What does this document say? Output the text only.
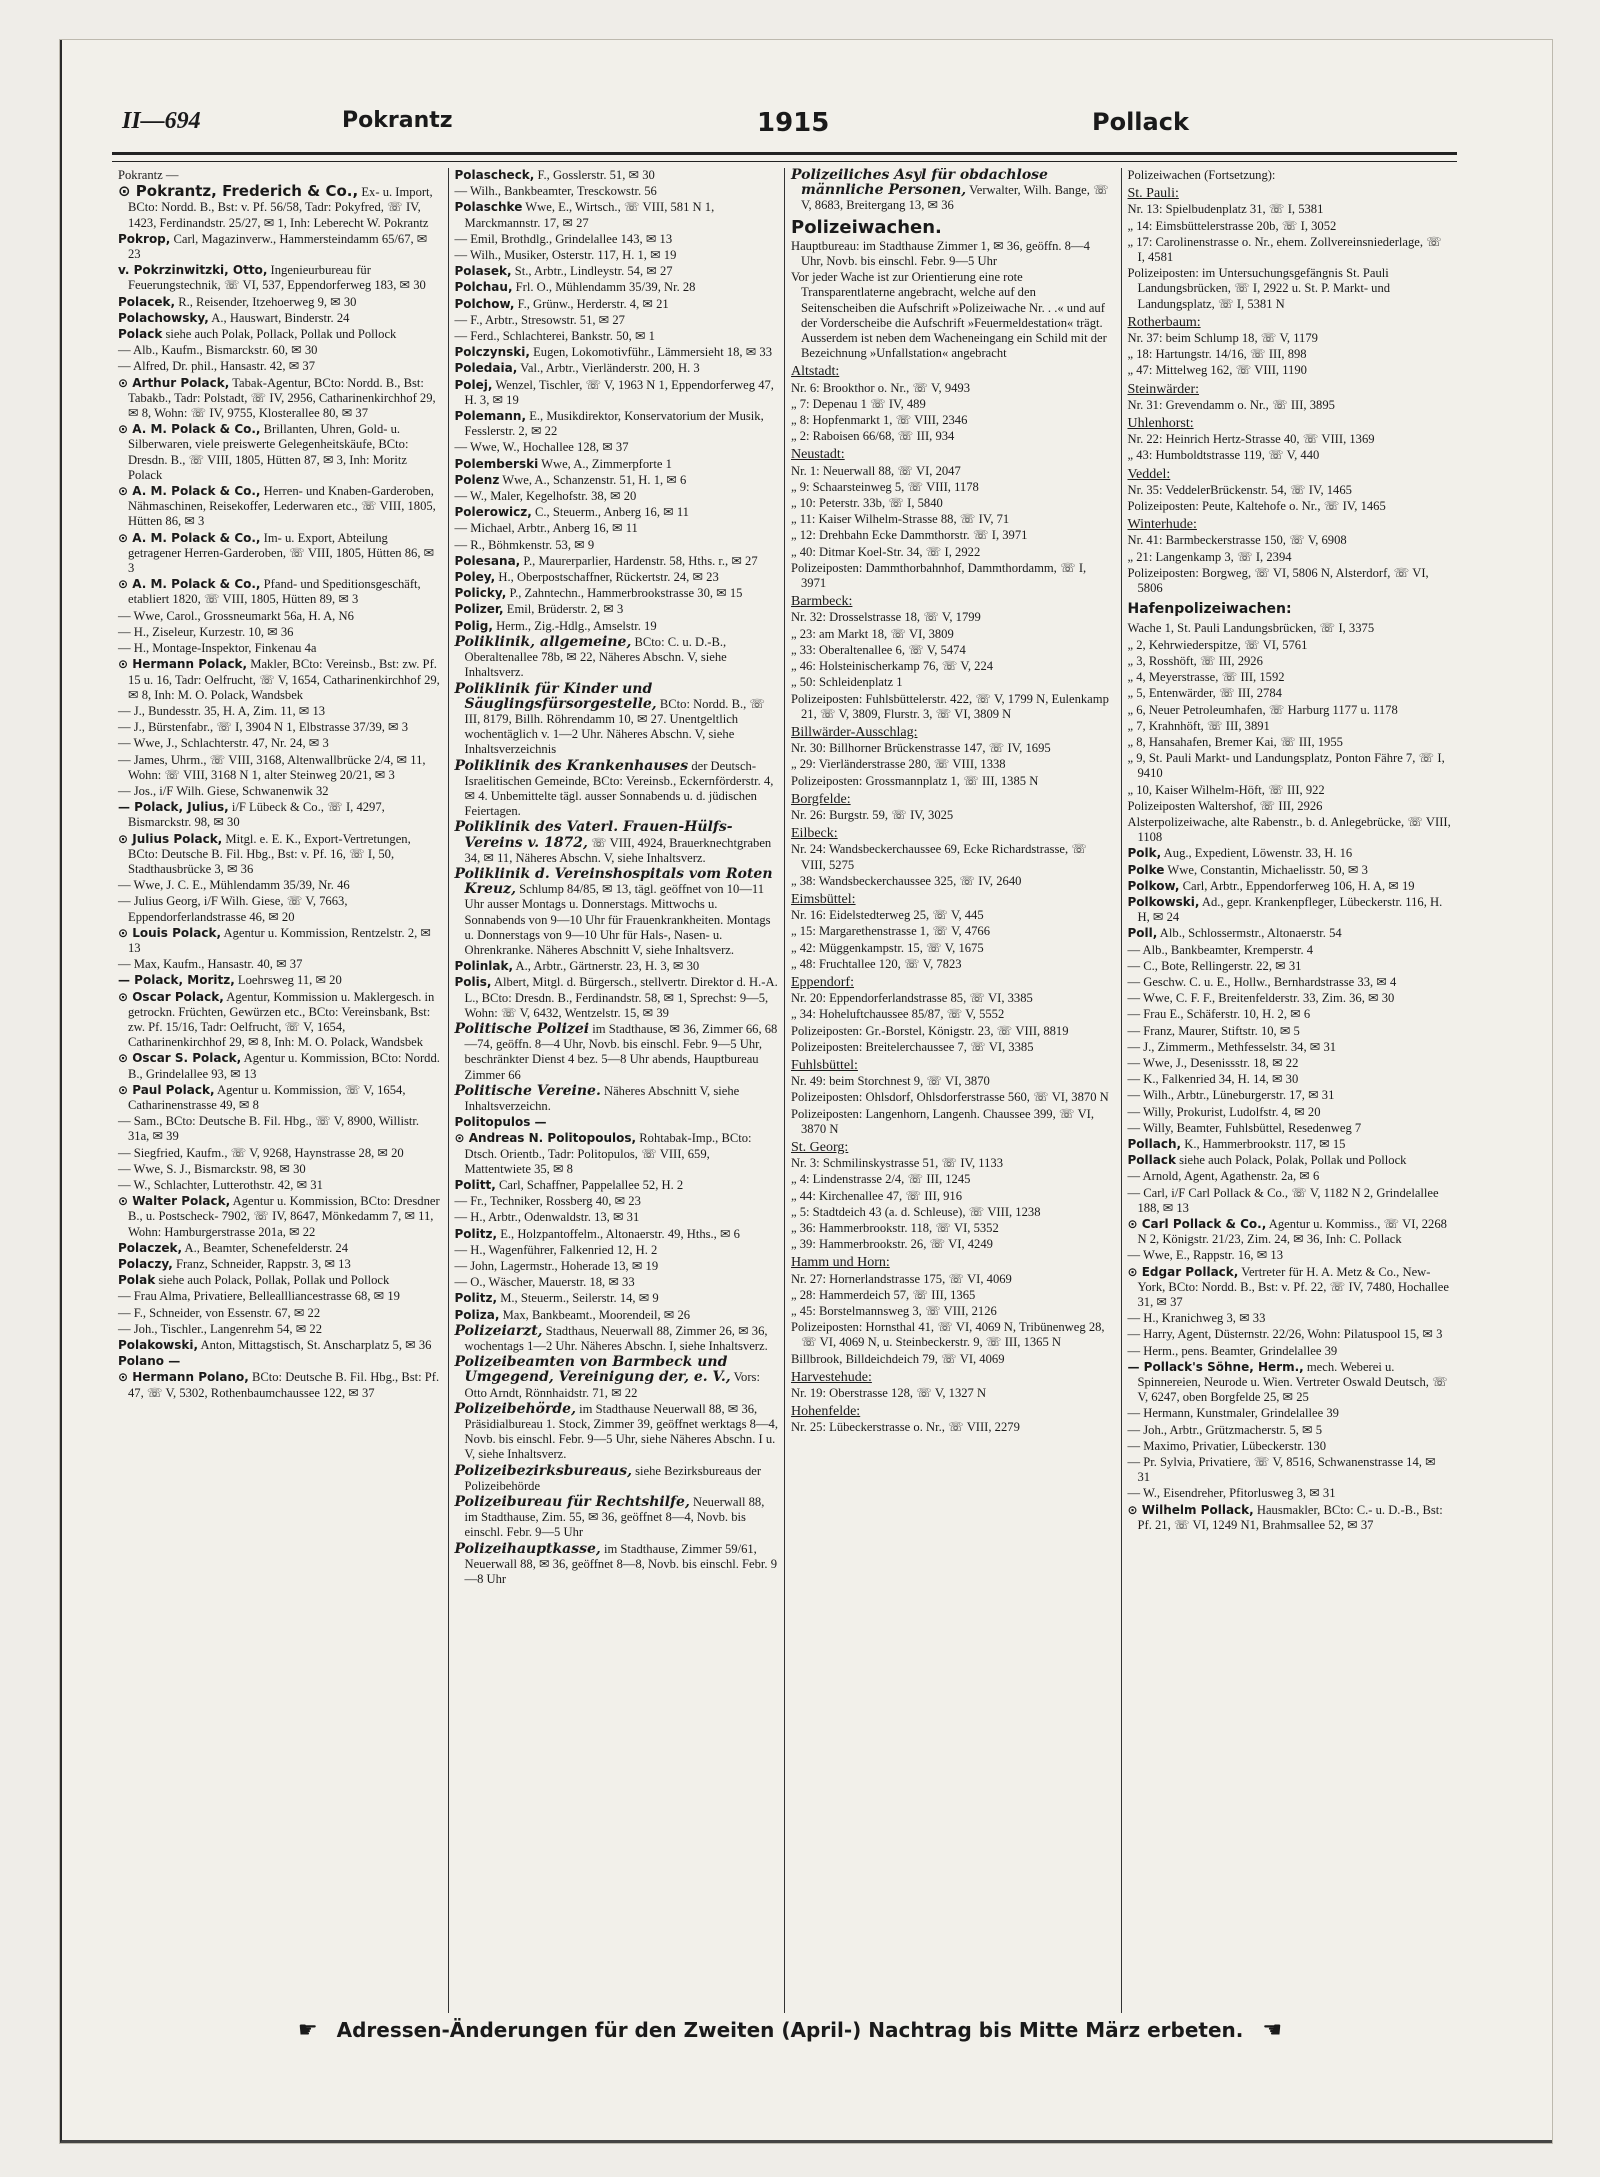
II—694	Pokrantz	1915	Pollack
Pokrantz —
⊙ Pokrantz, Frederich & Co., Ex- u. Import, BCto: Nordd. B., Bst: v. Pf. 56/58, Tadr: Pokyfred, ☏ IV, 1423, Ferdinandstr. 25/27, ✉ 1, Inh: Leberecht W. Pokrantz
Pokrop, Carl, Magazinverw., Hammersteindamm 65/67, ✉ 23
v. Pokrzinwitzki, Otto, Ingenieurbureau für Feuerungstechnik, ☏ VI, 537, Eppendorferweg 183, ✉ 30
Polacek, R., Reisender, Itzehoerweg 9, ✉ 30
Polachowsky, A., Hauswart, Binderstr. 24
Polack siehe auch Polak, Pollack, Pollak und Pollock
— Alb., Kaufm., Bismarckstr. 60, ✉ 30
— Alfred, Dr. phil., Hansastr. 42, ✉ 37
⊙ Arthur Polack, Tabak-Agentur, BCto: Nordd. B., Bst: Tabakb., Tadr: Polstadt, ☏ IV, 2956, Catharinenkirchhof 29, ✉ 8, Wohn: ☏ IV, 9755, Klosterallee 80, ✉ 37
⊙ A. M. Polack & Co., Brillanten, Uhren, Gold- u. Silberwaren, viele preiswerte Gelegenheitskäufe, BCto: Dresdn. B., ☏ VIII, 1805, Hütten 87, ✉ 3, Inh: Moritz Polack
⊙ A. M. Polack & Co., Herren- und Knaben-Garderoben, Nähmaschinen, Reisekoffer, Lederwaren etc., ☏ VIII, 1805, Hütten 86, ✉ 3
⊙ A. M. Polack & Co., Im- u. Export, Abteilung getragener Herren-Garderoben, ☏ VIII, 1805, Hütten 86, ✉ 3
⊙ A. M. Polack & Co., Pfand- und Speditionsgeschäft, etabliert 1820, ☏ VIII, 1805, Hütten 89, ✉ 3
— Wwe, Carol., Grossneumarkt 56a, H. A, N6
— H., Ziseleur, Kurzestr. 10, ✉ 36
— H., Montage-Inspektor, Finkenau 4a
⊙ Hermann Polack, Makler, BCto: Vereinsb., Bst: zw. Pf. 15 u. 16, Tadr: Oelfrucht, ☏ V, 1654, Catharinenkirchhof 29, ✉ 8, Inh: M. O. Polack, Wandsbek
— J., Bundesstr. 35, H. A, Zim. 11, ✉ 13
— J., Bürstenfabr., ☏ I, 3904 N 1, Elbstrasse 37/39, ✉ 3
— Wwe, J., Schlachterstr. 47, Nr. 24, ✉ 3
— James, Uhrm., ☏ VIII, 3168, Altenwallbrücke 2/4, ✉ 11, Wohn: ☏ VIII, 3168 N 1, alter Steinweg 20/21, ✉ 3
— Jos., i/F Wilh. Giese, Schwanenwik 32
— Polack, Julius, i/F Lübeck & Co., ☏ I, 4297, Bismarckstr. 98, ✉ 30
⊙ Julius Polack, Mitgl. e. E. K., Export-Vertretungen, BCto: Deutsche B. Fil. Hbg., Bst: v. Pf. 16, ☏ I, 50, Stadthausbrücke 3, ✉ 36
— Wwe, J. C. E., Mühlendamm 35/39, Nr. 46
— Julius Georg, i/F Wilh. Giese, ☏ V, 7663, Eppendorferlandstrasse 46, ✉ 20
⊙ Louis Polack, Agentur u. Kommission, Rentzelstr. 2, ✉ 13
— Max, Kaufm., Hansastr. 40, ✉ 37
— Polack, Moritz, Loehrsweg 11, ✉ 20
⊙ Oscar Polack, Agentur, Kommission u. Maklergesch. in getrockn. Früchten, Gewürzen etc., BCto: Vereinsbank, Bst: zw. Pf. 15/16, Tadr: Oelfrucht, ☏ V, 1654, Catharinenkirchhof 29, ✉ 8, Inh: M. O. Polack, Wandsbek
⊙ Oscar S. Polack, Agentur u. Kommission, BCto: Nordd. B., Grindelallee 93, ✉ 13
⊙ Paul Polack, Agentur u. Kommission, ☏ V, 1654, Catharinenstrasse 49, ✉ 8
— Sam., BCto: Deutsche B. Fil. Hbg., ☏ V, 8900, Willistr. 31a, ✉ 39
— Siegfried, Kaufm., ☏ V, 9268, Haynstrasse 28, ✉ 20
— Wwe, S. J., Bismarckstr. 98, ✉ 30
— W., Schlachter, Lutterothstr. 42, ✉ 31
⊙ Walter Polack, Agentur u. Kommission, BCto: Dresdner B., u. Postscheck- 7902, ☏ IV, 8647, Mönkedamm 7, ✉ 11, Wohn: Hamburgerstrasse 201a, ✉ 22
Polaczek, A., Beamter, Schenefelderstr. 24
Polaczy, Franz, Schneider, Rappstr. 3, ✉ 13
Polak siehe auch Polack, Pollak, Pollak und Pollock
— Frau Alma, Privatiere, Belleallliancestrasse 68, ✉ 19
— F., Schneider, von Essenstr. 67, ✉ 22
— Joh., Tischler., Langenrehm 54, ✉ 22
Polakowski, Anton, Mittagstisch, St. Anscharplatz 5, ✉ 36
Polano —
⊙ Hermann Polano, BCto: Deutsche B. Fil. Hbg., Bst: Pf. 47, ☏ V, 5302, Rothenbaumchaussee 122, ✉ 37
Polascheck, F., Gosslerstr. 51, ✉ 30
— Wilh., Bankbeamter, Tresckowstr. 56
Polaschke Wwe, E., Wirtsch., ☏ VIII, 581 N 1, Marckmannstr. 17, ✉ 27
— Emil, Brothdlg., Grindelallee 143, ✉ 13
— Wilh., Musiker, Osterstr. 117, H. 1, ✉ 19
Polasek, St., Arbtr., Lindleystr. 54, ✉ 27
Polchau, Frl. O., Mühlendamm 35/39, Nr. 28
Polchow, F., Grünw., Herderstr. 4, ✉ 21
— F., Arbtr., Stresowstr. 51, ✉ 27
— Ferd., Schlachterei, Bankstr. 50, ✉ 1
Polczynski, Eugen, Lokomotivführ., Lämmersieht 18, ✉ 33
Poledaia, Val., Arbtr., Vierländerstr. 200, H. 3
Polej, Wenzel, Tischler, ☏ V, 1963 N 1, Eppendorferweg 47, H. 3, ✉ 19
Polemann, E., Musikdirektor, Konservatorium der Musik, Fesslerstr. 2, ✉ 22
— Wwe, W., Hochallee 128, ✉ 37
Polemberski Wwe, A., Zimmerpforte 1
Polenz Wwe, A., Schanzenstr. 51, H. 1, ✉ 6
— W., Maler, Kegelhofstr. 38, ✉ 20
Polerowicz, C., Steuerm., Anberg 16, ✉ 11
— Michael, Arbtr., Anberg 16, ✉ 11
— R., Böhmkenstr. 53, ✉ 9
Polesana, P., Maurerparlier, Hardenstr. 58, Hths. r., ✉ 27
Poley, H., Oberpostschaffner, Rückertstr. 24, ✉ 23
Policky, P., Zahntechn., Hammerbrookstrasse 30, ✉ 15
Polizer, Emil, Brüderstr. 2, ✉ 3
Polig, Herm., Zig.-Hdlg., Amselstr. 19
Poliklinik, allgemeine, BCto: C. u. D.-B., Oberaltenallee 78b, ✉ 22, Näheres Abschn. V, siehe Inhaltsverz.
Poliklinik für Kinder und Säuglingsfürsorgestelle, BCto: Nordd. B., ☏ III, 8179, Billh. Röhrendamm 10, ✉ 27. Unentgeltlich wochentäglich v. 1—2 Uhr. Näheres Abschn. V, siehe Inhaltsverzeichnis
Poliklinik des Krankenhauses der Deutsch-Israelitischen Gemeinde, BCto: Vereinsb., Eckernförderstr. 4, ✉ 4. Unbemittelte tägl. ausser Sonnabends u. d. jüdischen Feiertagen.
Poliklinik des Vaterl. Frauen-Hülfs-Vereins v. 1872, ☏ VIII, 4924, Brauerknechtgraben 34, ✉ 11, Näheres Abschn. V, siehe Inhaltsverz.
Poliklinik d. Vereinshospitals vom Roten Kreuz, Schlump 84/85, ✉ 13, tägl. geöffnet von 10—11 Uhr ausser Montags u. Donnerstags. Mittwochs u. Sonnabends von 9—10 Uhr für Frauenkrankheiten. Montags u. Donnerstags von 9—10 Uhr für Hals-, Nasen- u. Ohrenkranke. Näheres Abschnitt V, siehe Inhaltsverz.
Polinlak, A., Arbtr., Gärtnerstr. 23, H. 3, ✉ 30
Polis, Albert, Mitgl. d. Bürgersch., stellvertr. Direktor d. H.-A. L., BCto: Dresdn. B., Ferdinandstr. 58, ✉ 1, Sprechst: 9—5, Wohn: ☏ V, 6432, Wentzelstr. 15, ✉ 39
Politische Polizei im Stadthause, ✉ 36, Zimmer 66, 68—74, geöffn. 8—4 Uhr, Novb. bis einschl. Febr. 9—5 Uhr, beschränkter Dienst 4 bez. 5—8 Uhr abends, Hauptbureau Zimmer 66
Politische Vereine. Näheres Abschnitt V, siehe Inhaltsverzeichn.
Politopulos —
⊙ Andreas N. Politopoulos, Rohtabak-Imp., BCto: Dtsch. Orientb., Tadr: Politopulos, ☏ VIII, 659, Mattentwiete 35, ✉ 8
Politt, Carl, Schaffner, Pappelallee 52, H. 2
— Fr., Techniker, Rossberg 40, ✉ 23
— H., Arbtr., Odenwaldstr. 13, ✉ 31
Politz, E., Holzpantoffelm., Altonaerstr. 49, Hths., ✉ 6
— H., Wagenführer, Falkenried 12, H. 2
— John, Lagermstr., Hoherade 13, ✉ 19
— O., Wäscher, Mauerstr. 18, ✉ 33
Politz, M., Steuerm., Seilerstr. 14, ✉ 9
Poliza, Max, Bankbeamt., Moorendeil, ✉ 26
Polizeiarzt, Stadthaus, Neuerwall 88, Zimmer 26, ✉ 36, wochentags 1—2 Uhr. Näheres Abschn. I, siehe Inhaltsverz.
Polizeibeamten von Barmbeck und Umgegend, Vereinigung der, e. V., Vors: Otto Arndt, Rönnhaidstr. 71, ✉ 22
Polizeibehörde, im Stadthause Neuerwall 88, ✉ 36, Präsidialbureau 1. Stock, Zimmer 39, geöffnet werktags 8—4, Novb. bis einschl. Febr. 9—5 Uhr, siehe Näheres Abschn. I u. V, siehe Inhaltsverz.
Polizeibezirksbureaus, siehe Bezirksbureaus der Polizeibehörde
Polizeibureau für Rechtshilfe, Neuerwall 88, im Stadthause, Zim. 55, ✉ 36, geöffnet 8—4, Novb. bis einschl. Febr. 9—5 Uhr
Polizeihauptkasse, im Stadthause, Zimmer 59/61, Neuerwall 88, ✉ 36, geöffnet 8—8, Novb. bis einschl. Febr. 9—8 Uhr
Polizeiliches Asyl für obdachlose männliche Personen, Verwalter, Wilh. Bange, ☏ V, 8683, Breitergang 13, ✉ 36
Polizeiwachen.
Hauptbureau: im Stadthause Zimmer 1, ✉ 36, geöffn. 8—4 Uhr, Novb. bis einschl. Febr. 9—5 Uhr
Vor jeder Wache ist zur Orientierung eine rote Transparentlaterne angebracht, welche auf den Seitenscheiben die Aufschrift »Polizeiwache Nr. . .« und auf der Vorderscheibe die Aufschrift »Feuermeldestation« trägt. Ausserdem ist neben dem Wacheneingang ein Schild mit der Bezeichnung »Unfallstation« angebracht
Altstadt:
Nr. 6: Brookthor o. Nr., ☏ V, 9493
„ 7: Depenau 1 ☏ IV, 489
„ 8: Hopfenmarkt 1, ☏ VIII, 2346
„ 2: Raboisen 66/68, ☏ III, 934
Neustadt:
Nr. 1: Neuerwall 88, ☏ VI, 2047
„ 9: Schaarsteinweg 5, ☏ VIII, 1178
„ 10: Peterstr. 33b, ☏ I, 5840
„ 11: Kaiser Wilhelm-Strasse 88, ☏ IV, 71
„ 12: Drehbahn Ecke Dammthorstr. ☏ I, 3971
„ 40: Ditmar Koel-Str. 34, ☏ I, 2922
Polizeiposten: Dammthorbahnhof, Dammthordamm, ☏ I, 3971
Barmbeck:
Nr. 32: Drosselstrasse 18, ☏ V, 1799
„ 23: am Markt 18, ☏ VI, 3809
„ 33: Oberaltenallee 6, ☏ V, 5474
„ 46: Holsteinischerkamp 76, ☏ V, 224
„ 50: Schleidenplatz 1
Polizeiposten: Fuhlsbüttelerstr. 422, ☏ V, 1799 N, Eulenkamp 21, ☏ V, 3809, Flurstr. 3, ☏ VI, 3809 N
Billwärder-Ausschlag:
Nr. 30: Billhorner Brückenstrasse 147, ☏ IV, 1695
„ 29: Vierländerstrasse 280, ☏ VIII, 1338
Polizeiposten: Grossmannplatz 1, ☏ III, 1385 N
Borgfelde:
Nr. 26: Burgstr. 59, ☏ IV, 3025
Eilbeck:
Nr. 24: Wandsbeckerchaussee 69, Ecke Richardstrasse, ☏ VIII, 5275
„ 38: Wandsbeckerchaussee 325, ☏ IV, 2640
Eimsbüttel:
Nr. 16: Eidelstedterweg 25, ☏ V, 445
„ 15: Margarethenstrasse 1, ☏ V, 4766
„ 42: Müggenkampstr. 15, ☏ V, 1675
„ 48: Fruchtallee 120, ☏ V, 7823
Eppendorf:
Nr. 20: Eppendorferlandstrasse 85, ☏ VI, 3385
„ 34: Hoheluftchaussee 85/87, ☏ V, 5552
Polizeiposten: Gr.-Borstel, Königstr. 23, ☏ VIII, 8819
Polizeiposten: Breitelerchaussee 7, ☏ VI, 3385
Fuhlsbüttel:
Nr. 49: beim Storchnest 9, ☏ VI, 3870
Polizeiposten: Ohlsdorf, Ohlsdorferstrasse 560, ☏ VI, 3870 N
Polizeiposten: Langenhorn, Langenh. Chaussee 399, ☏ VI, 3870 N
St. Georg:
Nr. 3: Schmilinskystrasse 51, ☏ IV, 1133
„ 4: Lindenstrasse 2/4, ☏ III, 1245
„ 44: Kirchenallee 47, ☏ III, 916
„ 5: Stadtdeich 43 (a. d. Schleuse), ☏ VIII, 1238
„ 36: Hammerbrookstr. 118, ☏ VI, 5352
„ 39: Hammerbrookstr. 26, ☏ VI, 4249
Hamm und Horn:
Nr. 27: Hornerlandstrasse 175, ☏ VI, 4069
„ 28: Hammerdeich 57, ☏ III, 1365
„ 45: Borstelmannsweg 3, ☏ VIII, 2126
Polizeiposten: Hornsthal 41, ☏ VI, 4069 N, Tribünenweg 28, ☏ VI, 4069 N, u. Steinbeckerstr. 9, ☏ III, 1365 N
Billbrook, Billdeichdeich 79, ☏ VI, 4069
Harvestehude:
Nr. 19: Oberstrasse 128, ☏ V, 1327 N
Hohenfelde:
Nr. 25: Lübeckerstrasse o. Nr., ☏ VIII, 2279
Polizeiwachen (Fortsetzung):
St. Pauli:
Nr. 13: Spielbudenplatz 31, ☏ I, 5381
„ 14: Eimsbüttelerstrasse 20b, ☏ I, 3052
„ 17: Carolinenstrasse o. Nr., ehem. Zollvereinsniederlage, ☏ I, 4581
Polizeiposten: im Untersuchungsgefängnis St. Pauli Landungsbrücken, ☏ I, 2922 u. St. P. Markt- und Landungsplatz, ☏ I, 5381 N
Rotherbaum:
Nr. 37: beim Schlump 18, ☏ V, 1179
„ 18: Hartungstr. 14/16, ☏ III, 898
„ 47: Mittelweg 162, ☏ VIII, 1190
Steinwärder:
Nr. 31: Grevendamm o. Nr., ☏ III, 3895
Uhlenhorst:
Nr. 22: Heinrich Hertz-Strasse 40, ☏ VIII, 1369
„ 43: Humboldtstrasse 119, ☏ V, 440
Veddel:
Nr. 35: VeddelerBrückenstr. 54, ☏ IV, 1465
Polizeiposten: Peute, Kaltehofe o. Nr., ☏ IV, 1465
Winterhude:
Nr. 41: Barmbeckerstrasse 150, ☏ V, 6908
„ 21: Langenkamp 3, ☏ I, 2394
Polizeiposten: Borgweg, ☏ VI, 5806 N, Alsterdorf, ☏ VI, 5806
Hafenpolizeiwachen:
Wache 1, St. Pauli Landungsbrücken, ☏ I, 3375
„ 2, Kehrwiederspitze, ☏ VI, 5761
„ 3, Rosshöft, ☏ III, 2926
„ 4, Meyerstrasse, ☏ III, 1592
„ 5, Entenwärder, ☏ III, 2784
„ 6, Neuer Petroleumhafen, ☏ Harburg 1177 u. 1178
„ 7, Krahnhöft, ☏ III, 3891
„ 8, Hansahafen, Bremer Kai, ☏ III, 1955
„ 9, St. Pauli Markt- und Landungsplatz, Ponton Fähre 7, ☏ I, 9410
„ 10, Kaiser Wilhelm-Höft, ☏ III, 922
Polizeiposten Waltershof, ☏ III, 2926
Alsterpolizeiwache, alte Rabenstr., b. d. Anlegebrücke, ☏ VIII, 1108
Polk, Aug., Expedient, Löwenstr. 33, H. 16
Polke Wwe, Constantin, Michaelisstr. 50, ✉ 3
Polkow, Carl, Arbtr., Eppendorferweg 106, H. A, ✉ 19
Polkowski, Ad., gepr. Krankenpfleger, Lübeckerstr. 116, H. H, ✉ 24
Poll, Alb., Schlossermstr., Altonaerstr. 54
— Alb., Bankbeamter, Kremperstr. 4
— C., Bote, Rellingerstr. 22, ✉ 31
— Geschw. C. u. E., Hollw., Bernhardstrasse 33, ✉ 4
— Wwe, C. F. F., Breitenfelderstr. 33, Zim. 36, ✉ 30
— Frau E., Schäferstr. 10, H. 2, ✉ 6
— Franz, Maurer, Stiftstr. 10, ✉ 5
— J., Zimmerm., Methfesselstr. 34, ✉ 31
— Wwe, J., Desenissstr. 18, ✉ 22
— K., Falkenried 34, H. 14, ✉ 30
— Wilh., Arbtr., Lüneburgerstr. 17, ✉ 31
— Willy, Prokurist, Ludolfstr. 4, ✉ 20
— Willy, Beamter, Fuhlsbüttel, Resedenweg 7
Pollach, K., Hammerbrookstr. 117, ✉ 15
Pollack siehe auch Polack, Polak, Pollak und Pollock
— Arnold, Agent, Agathenstr. 2a, ✉ 6
— Carl, i/F Carl Pollack & Co., ☏ V, 1182 N 2, Grindelallee 188, ✉ 13
⊙ Carl Pollack & Co., Agentur u. Kommiss., ☏ VI, 2268 N 2, Königstr. 21/23, Zim. 24, ✉ 36, Inh: C. Pollack
— Wwe, E., Rappstr. 16, ✉ 13
⊙ Edgar Pollack, Vertreter für H. A. Metz & Co., New-York, BCto: Nordd. B., Bst: v. Pf. 22, ☏ IV, 7480, Hochallee 31, ✉ 37
— H., Kranichweg 3, ✉ 33
— Harry, Agent, Düsternstr. 22/26, Wohn: Pilatuspool 15, ✉ 3
— Herm., pens. Beamter, Grindelallee 39
— Pollack's Söhne, Herm., mech. Weberei u. Spinnereien, Neurode u. Wien. Vertreter Oswald Deutsch, ☏ V, 6247, oben Borgfelde 25, ✉ 25
— Hermann, Kunstmaler, Grindelallee 39
— Joh., Arbtr., Grützmacherstr. 5, ✉ 5
— Maximo, Privatier, Lübeckerstr. 130
— Pr. Sylvia, Privatiere, ☏ V, 8516, Schwanenstrasse 14, ✉ 31
— W., Eisendreher, Pfitorlusweg 3, ✉ 31
⊙ Wilhelm Pollack, Hausmakler, BCto: C.- u. D.-B., Bst: Pf. 21, ☏ VI, 1249 N1, Brahmsallee 52, ✉ 37
☛ Adressen-Änderungen für den Zweiten (April-) Nachtrag bis Mitte März erbeten. ☚
